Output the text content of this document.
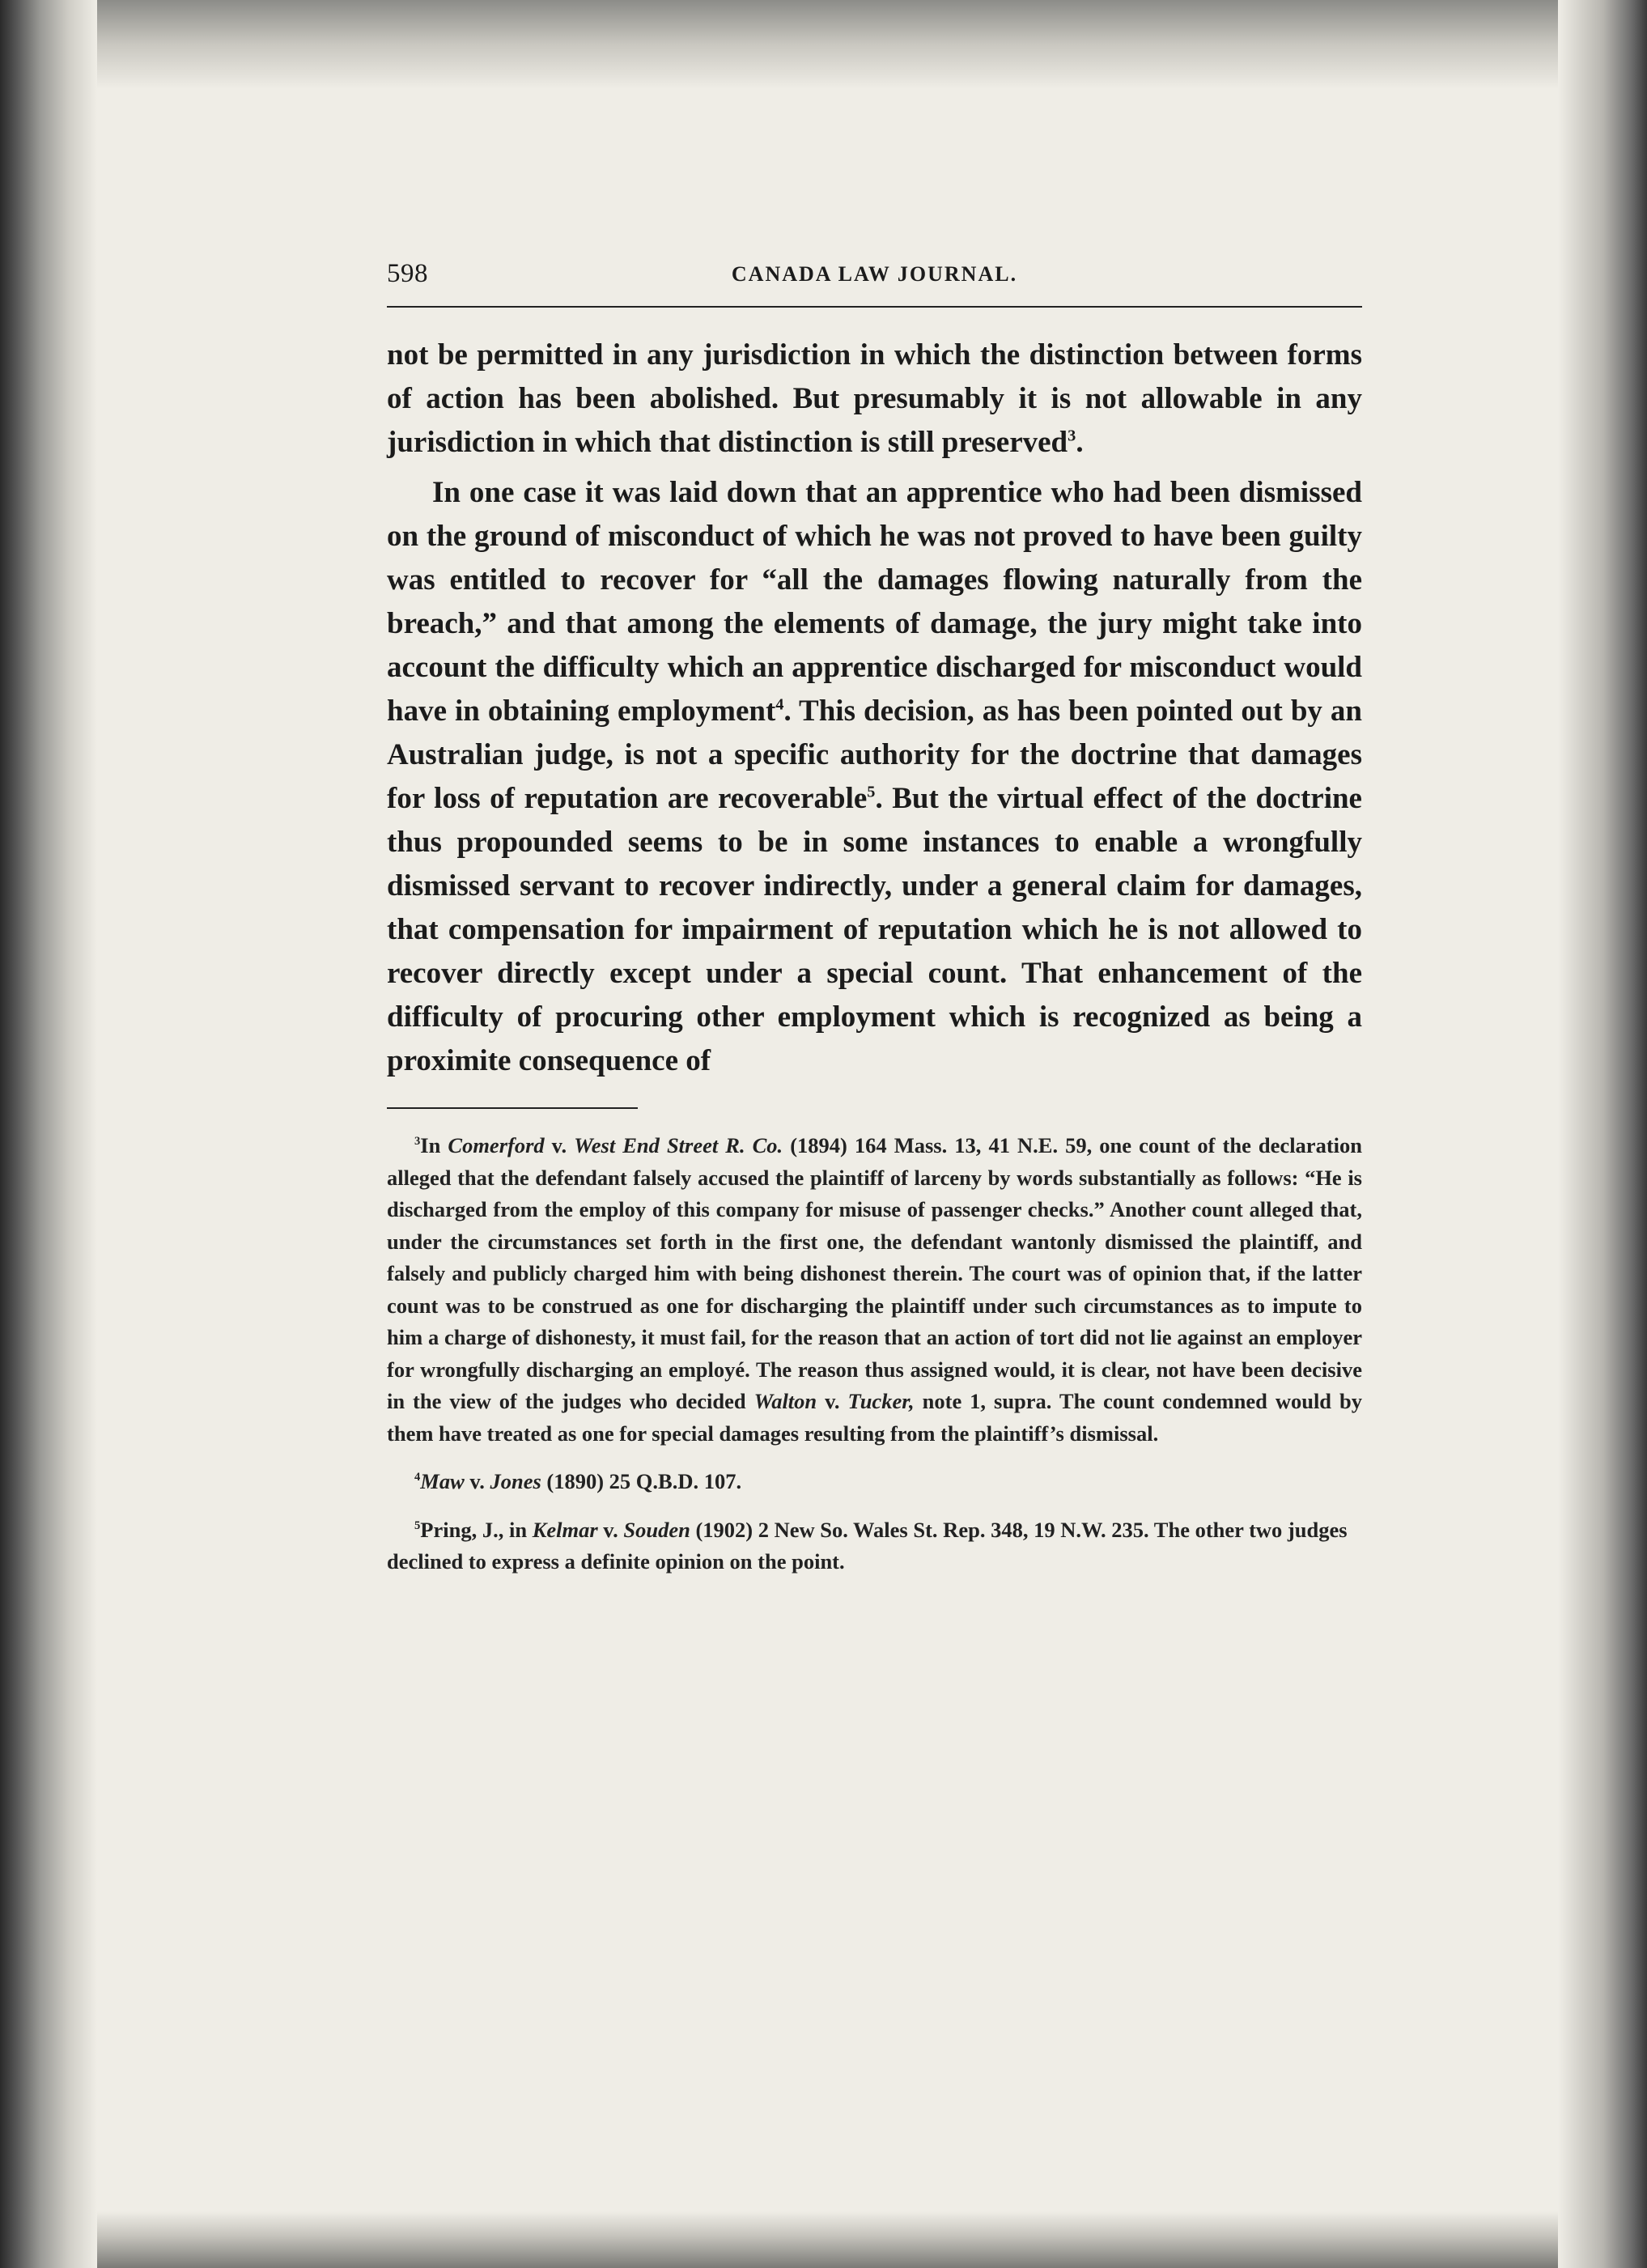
598	CANADA LAW JOURNAL.

not be permitted in any jurisdiction in which the distinction between forms of action has been abolished. But presumably it is not allowable in any jurisdiction in which that distinction is still preserved$^3$.

In one case it was laid down that an apprentice who had been dismissed on the ground of misconduct of which he was not proved to have been guilty was entitled to recover for “all the damages flowing naturally from the breach,” and that among the elements of damage, the jury might take into account the difficulty which an apprentice discharged for misconduct would have in obtaining employment$^4$. This decision, as has been pointed out by an Australian judge, is not a specific authority for the doctrine that damages for loss of reputation are recoverable$^5$. But the virtual effect of the doctrine thus propounded seems to be in some instances to enable a wrongfully dismissed servant to recover indirectly, under a general claim for damages, that compensation for impairment of reputation which he is not allowed to recover directly except under a special count. That enhancement of the difficulty of procuring other employment which is recognized as being a proximite consequence of

$^3$In Comerford v. West End Street R. Co. (1894) 164 Mass. 13, 41 N.E. 59, one count of the declaration alleged that the defendant falsely accused the plaintiff of larceny by words substantially as follows: “He is discharged from the employ of this company for misuse of passenger checks.” Another count alleged that, under the circumstances set forth in the first one, the defendant wantonly dismissed the plaintiff, and falsely and publicly charged him with being dishonest therein. The court was of opinion that, if the latter count was to be construed as one for discharging the plaintiff under such circumstances as to impute to him a charge of dishonesty, it must fail, for the reason that an action of tort did not lie against an employer for wrongfully discharging an employé. The reason thus assigned would, it is clear, not have been decisive in the view of the judges who decided Walton v. Tucker, note 1, supra. The count condemned would by them have treated as one for special damages resulting from the plaintiff’s dismissal.

$^4$Maw v. Jones (1890) 25 Q.B.D. 107.

$^5$Pring, J., in Kelmar v. Souden (1902) 2 New So. Wales St. Rep. 348, 19 N.W. 235. The other two judges declined to express a definite opinion on the point.
